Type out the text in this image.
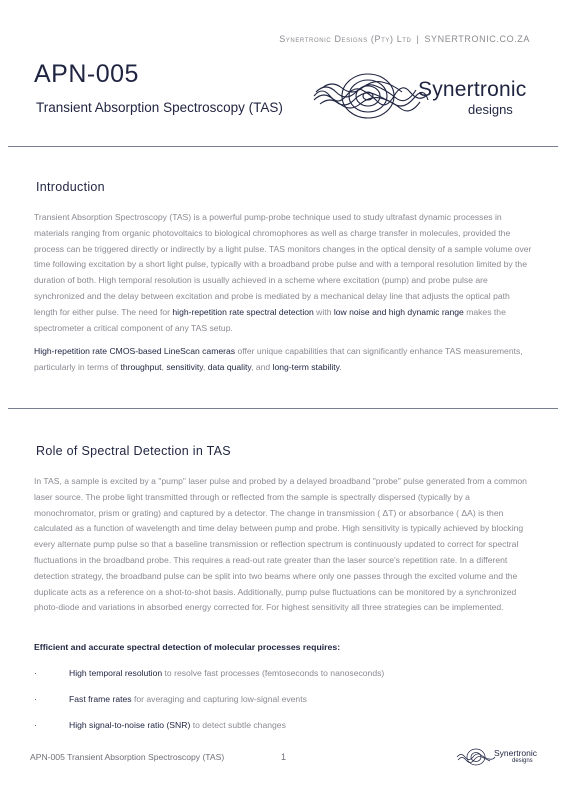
Synertronic Designs (Pty) Ltd | SYNERTRONIC.CO.ZA
APN-005
Transient Absorption Spectroscopy (TAS)
Synertronic
designs
Introduction
Transient Absorption Spectroscopy (TAS) is a powerful pump-probe technique used to study ultrafast dynamic processes in materials ranging from organic photovoltaics to biological chromophores as well as charge transfer in molecules, provided the process can be triggered directly or indirectly by a light pulse. TAS monitors changes in the optical density of a sample volume over time following excitation by a short light pulse, typically with a broadband probe pulse and with a temporal resolution limited by the duration of both. High temporal resolution is usually achieved in a scheme where excitation (pump) and probe pulse are synchronized and the delay between excitation and probe is mediated by a mechanical delay line that adjusts the optical path length for either pulse. The need for high-repetition rate spectral detection with low noise and high dynamic range makes the spectrometer a critical component of any TAS setup.
High-repetition rate CMOS-based LineScan cameras offer unique capabilities that can significantly enhance TAS measurements, particularly in terms of throughput, sensitivity, data quality, and long-term stability.
Role of Spectral Detection in TAS
In TAS, a sample is excited by a "pump" laser pulse and probed by a delayed broadband "probe" pulse generated from a common laser source. The probe light transmitted through or reflected from the sample is spectrally dispersed (typically by a monochromator, prism or grating) and captured by a detector. The change in transmission ( ΔT) or absorbance ( ΔA) is then calculated as a function of wavelength and time delay between pump and probe. High sensitivity is typically achieved by blocking every alternate pump pulse so that a baseline transmission or reflection spectrum is continuously updated to correct for spectral fluctuations in the broadband probe. This requires a read-out rate greater than the laser source's repetition rate. In a different detection strategy, the broadband pulse can be split into two beams where only one passes through the excited volume and the duplicate acts as a reference on a shot-to-shot basis. Additionally, pump pulse fluctuations can be monitored by a synchronized photo-diode and variations in absorbed energy corrected for. For highest sensitivity all three strategies can be implemented.
Efficient and accurate spectral detection of molecular processes requires:
·	High temporal resolution to resolve fast processes (femtoseconds to nanoseconds)
·	Fast frame rates for averaging and capturing low-signal events
·	High signal-to-noise ratio (SNR) to detect subtle changes
APN-005 Transient Absorption Spectroscopy (TAS)	1	Synertronic
designs
